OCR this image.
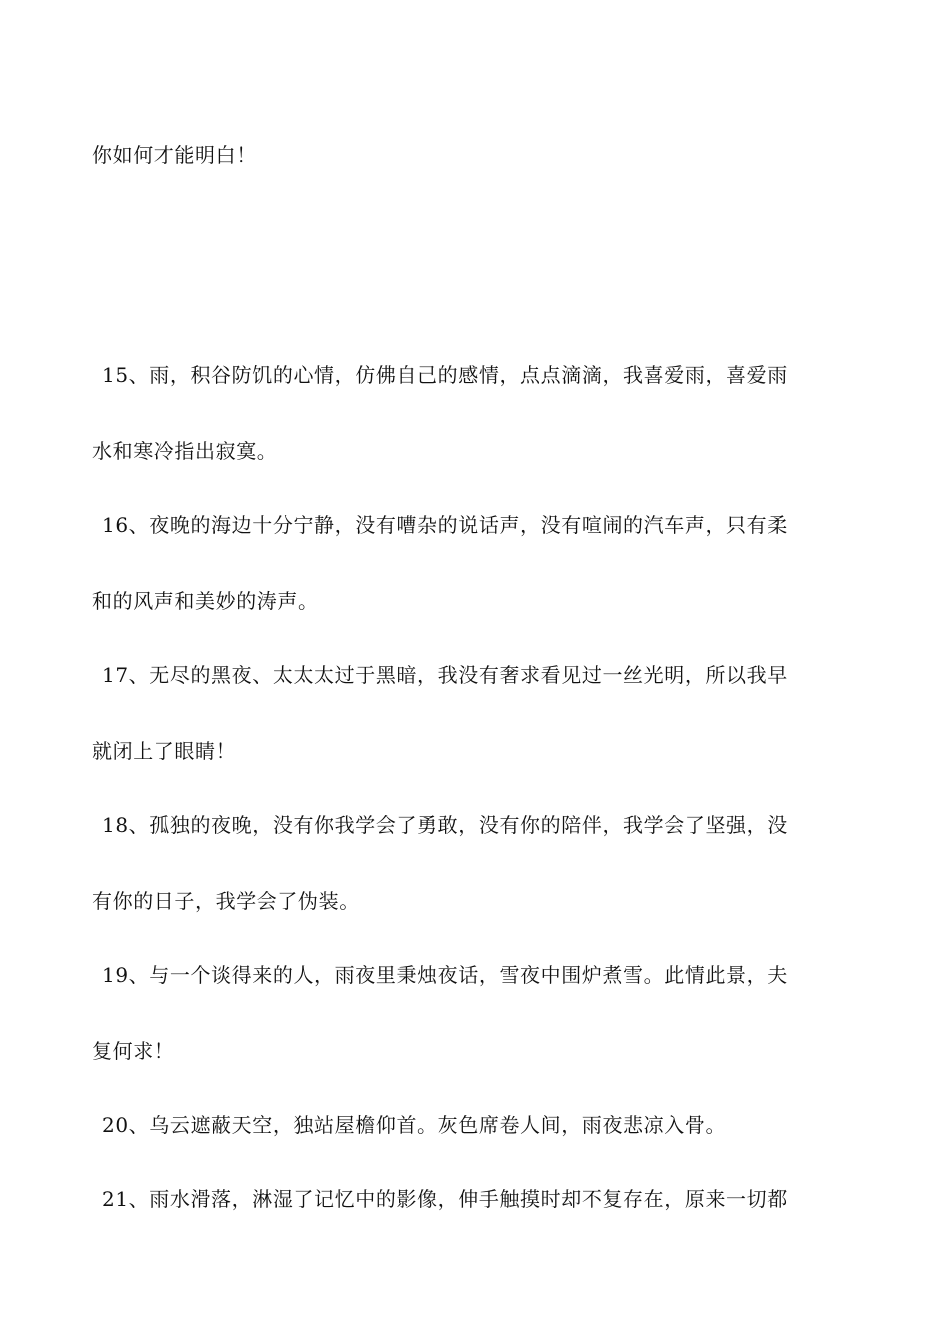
你如何才能明白！
15、雨，积谷防饥的心情，仿佛自己的感情，点点滴滴，我喜爱雨，喜爱雨
水和寒冷指出寂寞。
16、夜晚的海边十分宁静，没有嘈杂的说话声，没有喧闹的汽车声，只有柔
和的风声和美妙的涛声。
17、无尽的黑夜、太太太过于黑暗，我没有奢求看见过一丝光明，所以我早
就闭上了眼睛！
18、孤独的夜晚，没有你我学会了勇敢，没有你的陪伴，我学会了坚强，没
有你的日子，我学会了伪装。
19、与一个谈得来的人，雨夜里秉烛夜话，雪夜中围炉煮雪。此情此景，夫
复何求！
20、乌云遮蔽天空，独站屋檐仰首。灰色席卷人间，雨夜悲凉入骨。
21、雨水滑落，淋湿了记忆中的影像，伸手触摸时却不复存在，原来一切都
